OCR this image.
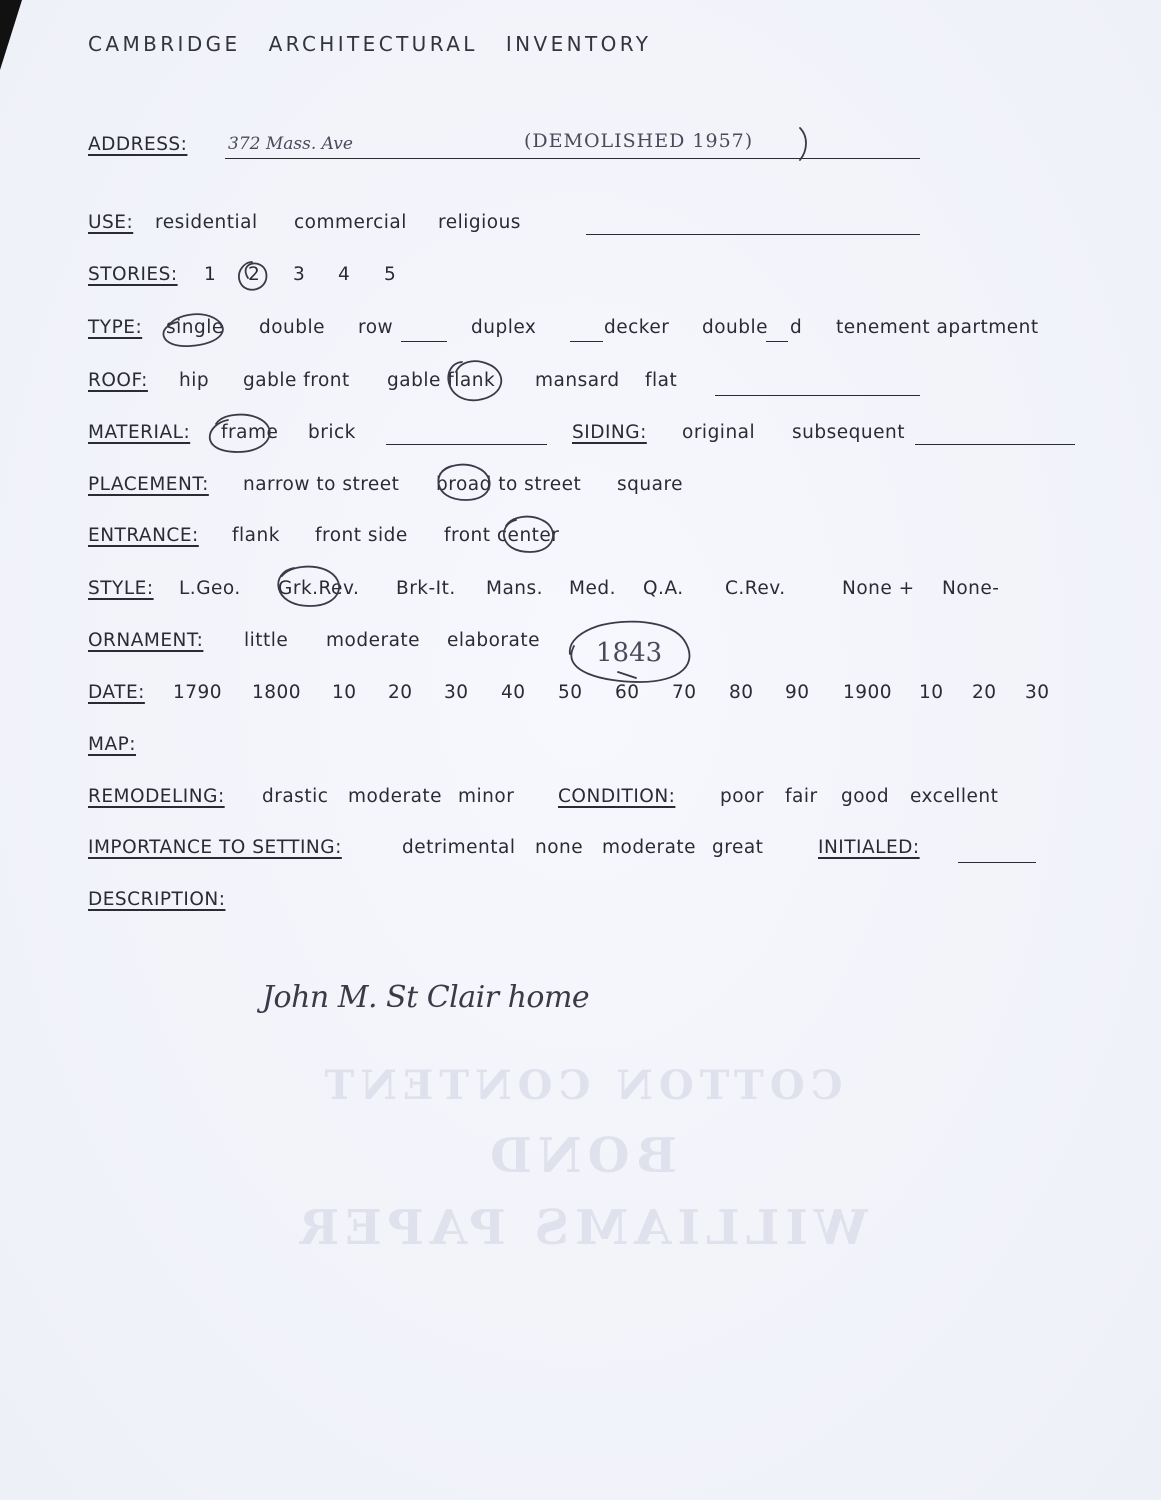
COTTON CONTENT
BOND
WILLIAMS PAPER
CAMBRIDGE ARCHITECTURAL INVENTORY
ADDRESS: 372 Mass. Ave	(DEMOLISHED 1957)
USE: residential commercial religious
STORIES: 1 2 3 4 5
TYPE: single double row	duplex	decker double d tenement apartment
ROOF: hip gable front gable flank mansard flat
MATERIAL: frame brick	SIDING: original subsequent
PLACEMENT: narrow to street broad to street square
ENTRANCE: flank front side front center
STYLE: L.Geo. Grk.Rev. Brk-It. Mans. Med. Q.A. C.Rev.	None + None-
ORNAMENT: little moderate elaborate
DATE: 1790 1800 10 20 30 40 50 60 70 80 90 1900 10 20 30
1843
MAP:
REMODELING: drastic moderate minor CONDITION: poor fair good excellent
IMPORTANCE TO SETTING:	detrimental none moderate great	INITIALED:
DESCRIPTION:
John M. St Clair home
